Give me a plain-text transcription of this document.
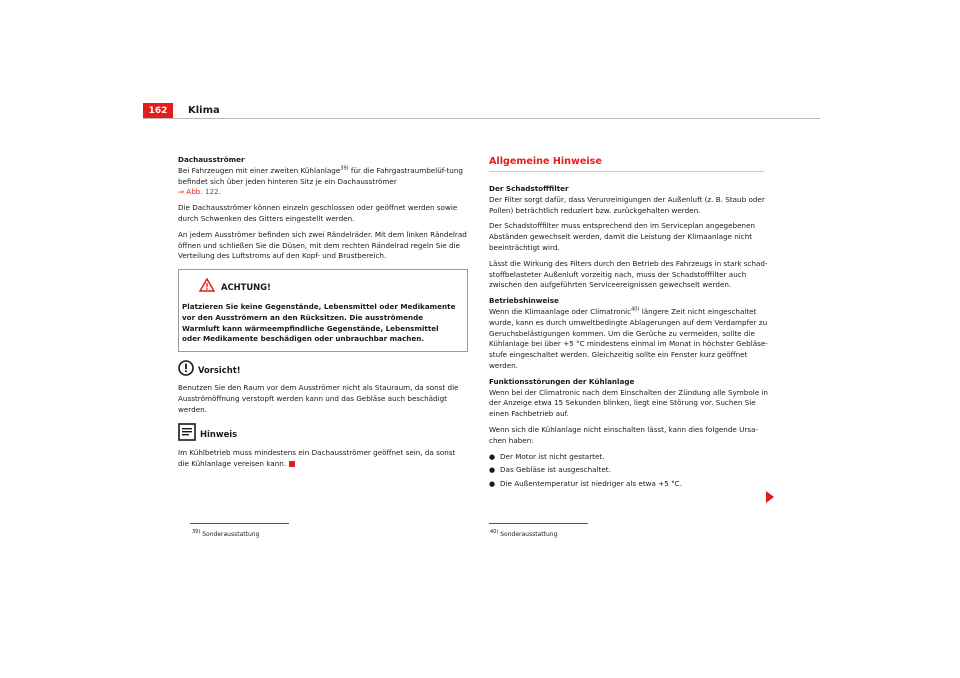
162	Klima

Dachausströmer

Bei Fahrzeugen mit einer zweiten Kühlanlage$^{39)}$ für die Fahrgastraumbelüf-tung befindet sich über jeden hinteren Sitz je ein Dachausströmer
⇒ Abb. 122.

Die Dachausströmer können einzeln geschlossen oder geöffnet werden sowie durch Schwenken des Gitters eingestellt werden.

An jedem Ausströmer befinden sich zwei Rändelräder. Mit dem linken Rändelrad öffnen und schließen Sie die Düsen, mit dem rechten Rändelrad regeln Sie die Verteilung des Luftstroms auf den Kopf- und Brustbereich.

ACHTUNG!
Platzieren Sie keine Gegenstände, Lebensmittel oder Medikamente vor den Ausströmern an den Rücksitzen. Die ausströmende Warmluft kann wärmeempfindliche Gegenstände, Lebensmittel oder Medikamente beschädigen oder unbrauchbar machen.
Vorsicht!

Benutzen Sie den Raum vor dem Ausströmer nicht als Stauraum, da sonst die Ausströmöffnung verstopft werden kann und das Gebläse auch beschädigt werden.

Hinweis

Im Kühlbetrieb muss mindestens ein Dachausströmer geöffnet sein, da sonst die Kühlanlage vereisen kann.

Allgemeine Hinweise

Der Schadstofffilter

Der Filter sorgt dafür, dass Verunreinigungen der Außenluft (z. B. Staub oder Pollen) beträchtlich reduziert bzw. zurückgehalten werden.

Der Schadstofffilter muss entsprechend den im Serviceplan angegebenen Abständen gewechselt werden, damit die Leistung der Klimaanlage nicht beeinträchtigt wird.

Lässt die Wirkung des Filters durch den Betrieb des Fahrzeugs in stark schad-stoffbelasteter Außenluft vorzeitig nach, muss der Schadstofffilter auch zwischen den aufgeführten Serviceereignissen gewechselt werden.

Betriebshinweise

Wenn die Klimaanlage oder Climatronic$^{40)}$ längere Zeit nicht eingeschaltet wurde, kann es durch umweltbedingte Ablagerungen auf dem Verdampfer zu Geruchsbelästigungen kommen. Um die Gerüche zu vermeiden, sollte die Kühlanlage bei über +5 °C mindestens einmal im Monat in höchster Gebläse-stufe eingeschaltet werden. Gleichzeitig sollte ein Fenster kurz geöffnet werden.

Funktionsstörungen der Kühlanlage

Wenn bei der Climatronic nach dem Einschalten der Zündung alle Symbole in der Anzeige etwa 15 Sekunden blinken, liegt eine Störung vor. Suchen Sie einen Fachbetrieb auf.

Wenn sich die Kühlanlage nicht einschalten lässt, kann dies folgende Ursa-chen haben:

● Der Motor ist nicht gestartet.
● Das Gebläse ist ausgeschaltet.
● Die Außentemperatur ist niedriger als etwa +5 °C.
$^{39)}$ Sonderausstattung	$^{40)}$ Sonderausstattung
